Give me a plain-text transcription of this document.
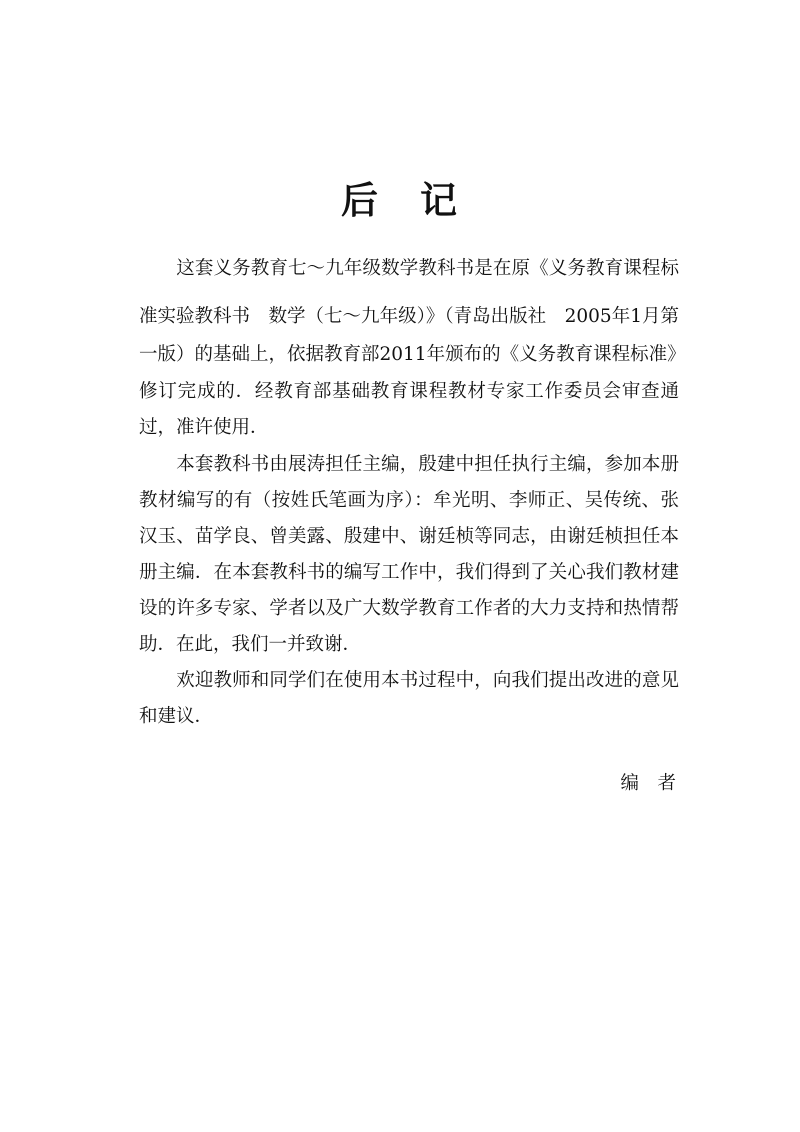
后 记
　　这套义务教育七～九年级数学教科书是在原《义务教育课程标
准实验教科书　数学（七～九年级）》（青岛出版社　2005年1月第
一版）的基础上，依据教育部2011年颁布的《义务教育课程标准》
修订完成的．经教育部基础教育课程教材专家工作委员会审查通
过，准许使用．
　　本套教科书由展涛担任主编，殷建中担任执行主编，参加本册
教材编写的有（按姓氏笔画为序）：牟光明、李师正、吴传统、张
汉玉、苗学良、曾美露、殷建中、谢廷桢等同志，由谢廷桢担任本
册主编．在本套教科书的编写工作中，我们得到了关心我们教材建
设的许多专家、学者以及广大数学教育工作者的大力支持和热情帮
助．在此，我们一并致谢．
　　欢迎教师和同学们在使用本书过程中，向我们提出改进的意见
和建议．
编　者
